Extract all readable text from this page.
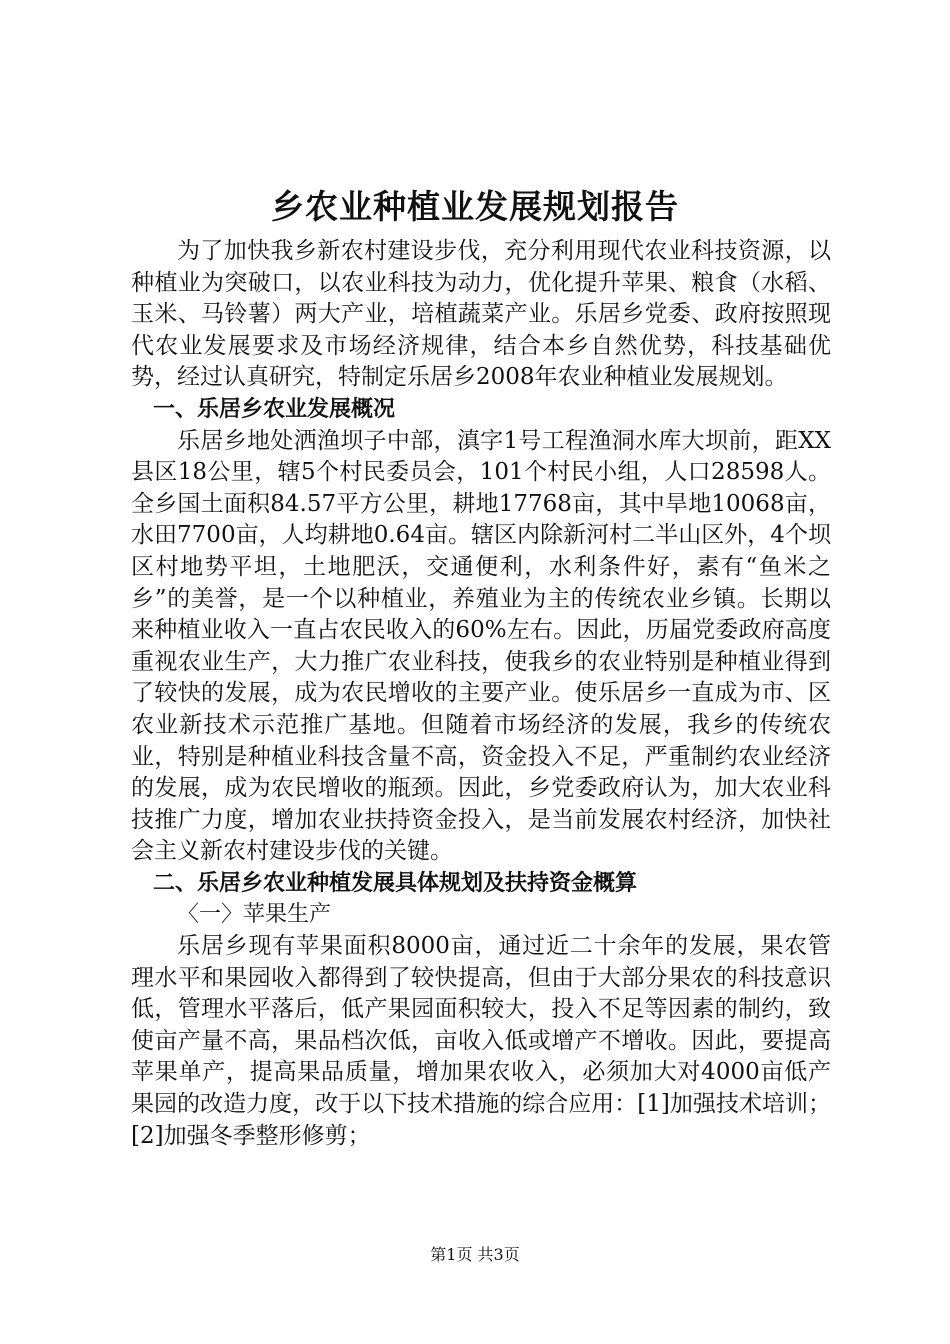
乡农业种植业发展规划报告

为了加快我乡新农村建设步伐，充分利用现代农业科技资源，以种植业为突破口，以农业科技为动力，优化提升苹果、粮食（水稻、玉米、马铃薯）两大产业，培植蔬菜产业。乐居乡党委、政府按照现代农业发展要求及市场经济规律，结合本乡自然优势，科技基础优势，经过认真研究，特制定乐居乡2008年农业种植业发展规划。

一、乐居乡农业发展概况

乐居乡地处洒渔坝子中部，滇字1号工程渔洞水库大坝前，距XX县区18公里，辖5个村民委员会，101个村民小组，人口28598人。全乡国土面积84.57平方公里，耕地17768亩，其中旱地10068亩，水田7700亩，人均耕地0.64亩。辖区内除新河村二半山区外，4个坝区村地势平坦，土地肥沃，交通便利，水利条件好，素有“鱼米之乡”的美誉，是一个以种植业，养殖业为主的传统农业乡镇。长期以来种植业收入一直占农民收入的60%左右。因此，历届党委政府高度重视农业生产，大力推广农业科技，使我乡的农业特别是种植业得到了较快的发展，成为农民增收的主要产业。使乐居乡一直成为市、区农业新技术示范推广基地。但随着市场经济的发展，我乡的传统农业，特别是种植业科技含量不高，资金投入不足，严重制约农业经济的发展，成为农民增收的瓶颈。因此，乡党委政府认为，加大农业科技推广力度，增加农业扶持资金投入，是当前发展农村经济，加快社会主义新农村建设步伐的关键。

二、乐居乡农业种植发展具体规划及扶持资金概算

〈一〉苹果生产

乐居乡现有苹果面积8000亩，通过近二十余年的发展，果农管理水平和果园收入都得到了较快提高，但由于大部分果农的科技意识低，管理水平落后，低产果园面积较大，投入不足等因素的制约，致使亩产量不高，果品档次低，亩收入低或增产不增收。因此，要提高苹果单产，提高果品质量，增加果农收入，必须加大对4000亩低产果园的改造力度，改于以下技术措施的综合应用：[1]加强技术培训；[2]加强冬季整形修剪；

第1页 共3页
